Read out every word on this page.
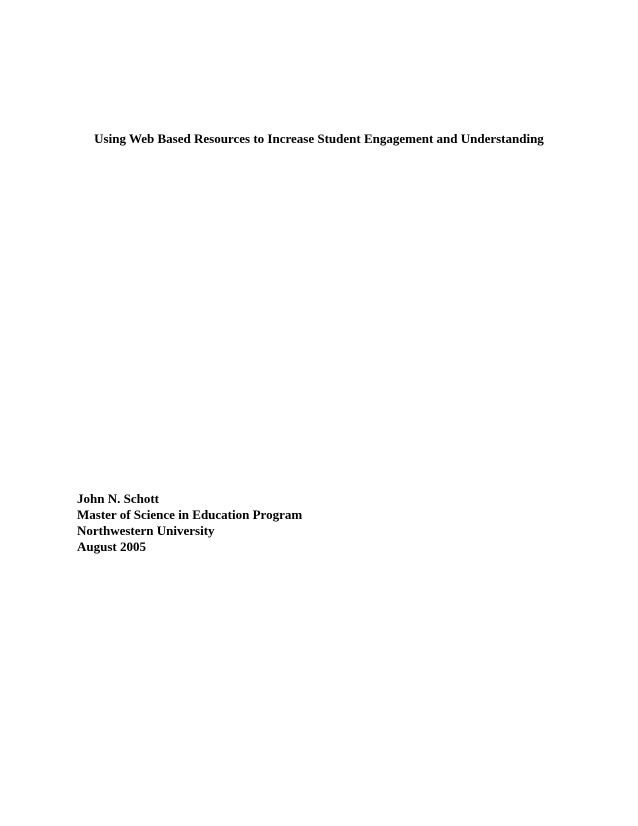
Using Web Based Resources to Increase Student Engagement and Understanding
John N. Schott
Master of Science in Education Program
Northwestern University
August 2005
